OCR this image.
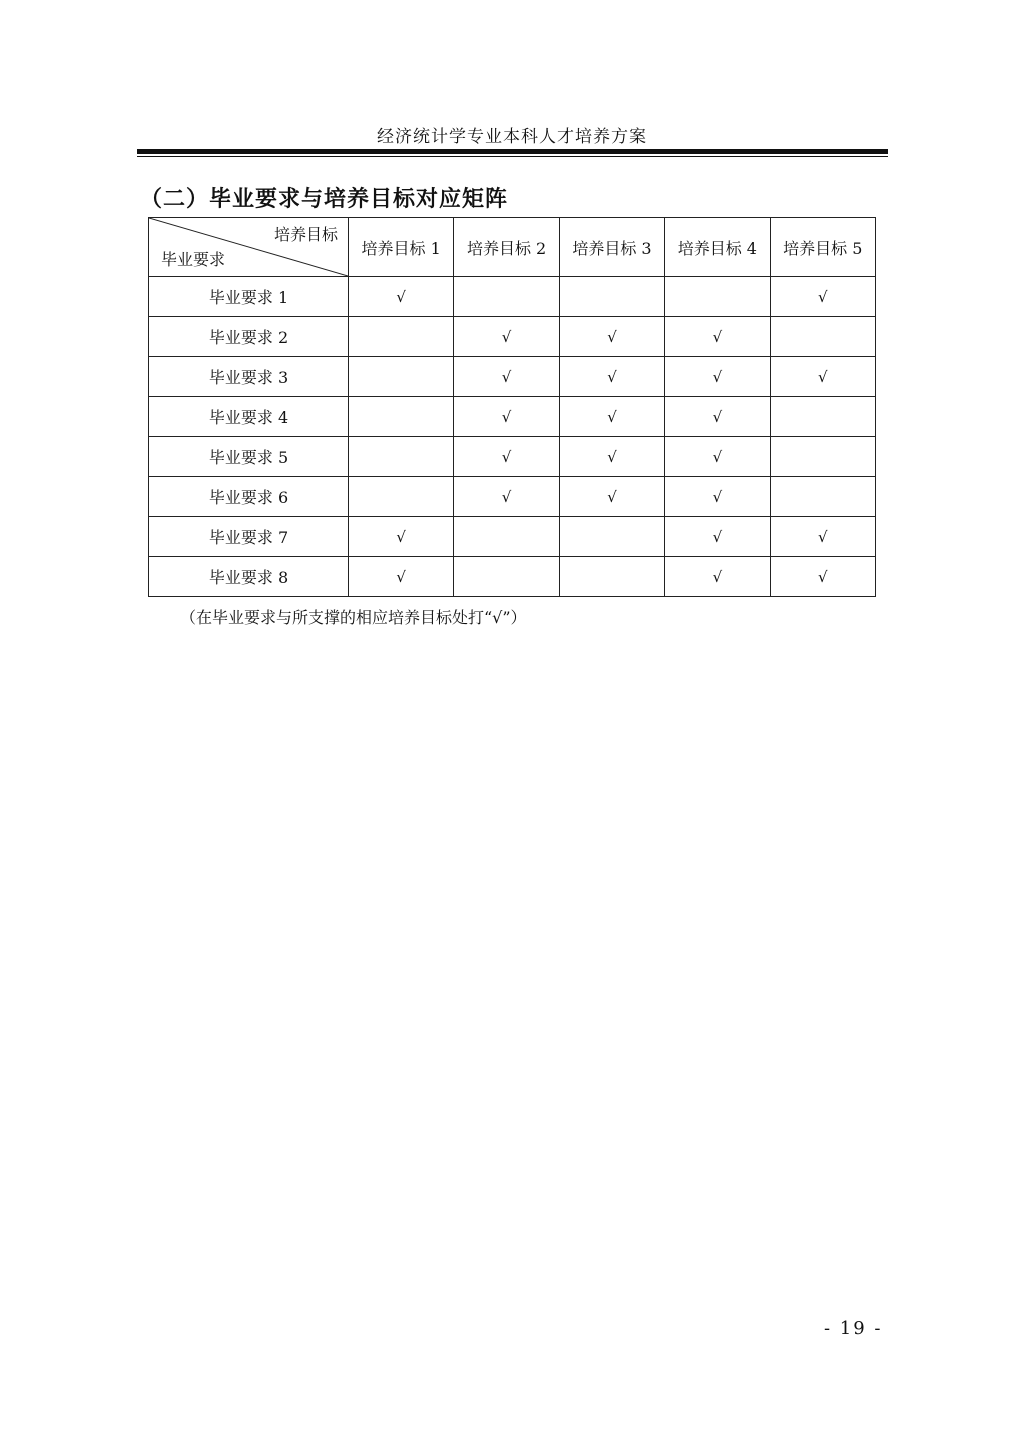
经济统计学专业本科人才培养方案
（二）毕业要求与培养目标对应矩阵
培养目标
毕业要求	培养目标 1	培养目标 2	培养目标 3	培养目标 4	培养目标 5
毕业要求 1	√				√
毕业要求 2		√	√	√	
毕业要求 3		√	√	√	√
毕业要求 4		√	√	√	
毕业要求 5		√	√	√	
毕业要求 6		√	√	√	
毕业要求 7	√			√	√
毕业要求 8	√			√	√
（在毕业要求与所支撑的相应培养目标处打“√”）
- 19 -
